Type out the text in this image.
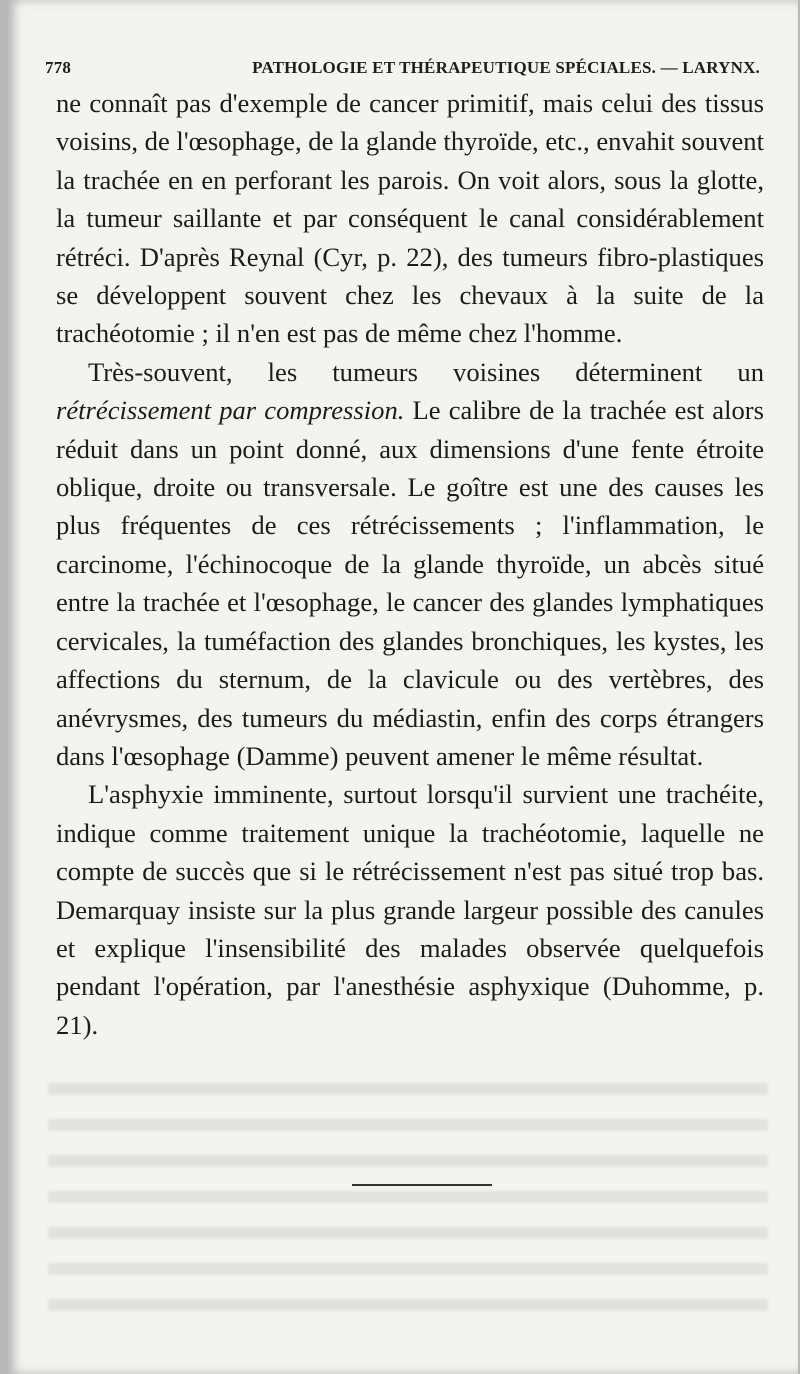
778	PATHOLOGIE ET THÉRAPEUTIQUE SPÉCIALES. — LARYNX.

ne connaît pas d'exemple de cancer primitif, mais celui des tissus voisins, de l'œsophage, de la glande thyroïde, etc., envahit souvent la trachée en en perforant les parois. On voit alors, sous la glotte, la tumeur saillante et par conséquent le canal considérablement rétréci. D'après Reynal (Cyr, p. 22), des tumeurs fibro-plastiques se développent souvent chez les chevaux à la suite de la trachéotomie ; il n'en est pas de même chez l'homme.

Très-souvent, les tumeurs voisines déterminent un rétrécissement par compression. Le calibre de la trachée est alors réduit dans un point donné, aux dimensions d'une fente étroite oblique, droite ou transversale. Le goître est une des causes les plus fréquentes de ces rétrécissements ; l'inflammation, le carcinome, l'échinocoque de la glande thyroïde, un abcès situé entre la trachée et l'œsophage, le cancer des glandes lymphatiques cervicales, la tuméfaction des glandes bronchiques, les kystes, les affections du sternum, de la clavicule ou des vertèbres, des anévrysmes, des tumeurs du médiastin, enfin des corps étrangers dans l'œsophage (Damme) peuvent amener le même résultat.

L'asphyxie imminente, surtout lorsqu'il survient une trachéite, indique comme traitement unique la trachéotomie, laquelle ne compte de succès que si le rétrécissement n'est pas situé trop bas. Demarquay insiste sur la plus grande largeur possible des canules et explique l'insensibilité des malades observée quelquefois pendant l'opération, par l'anesthésie asphyxique (Duhomme, p. 21).
